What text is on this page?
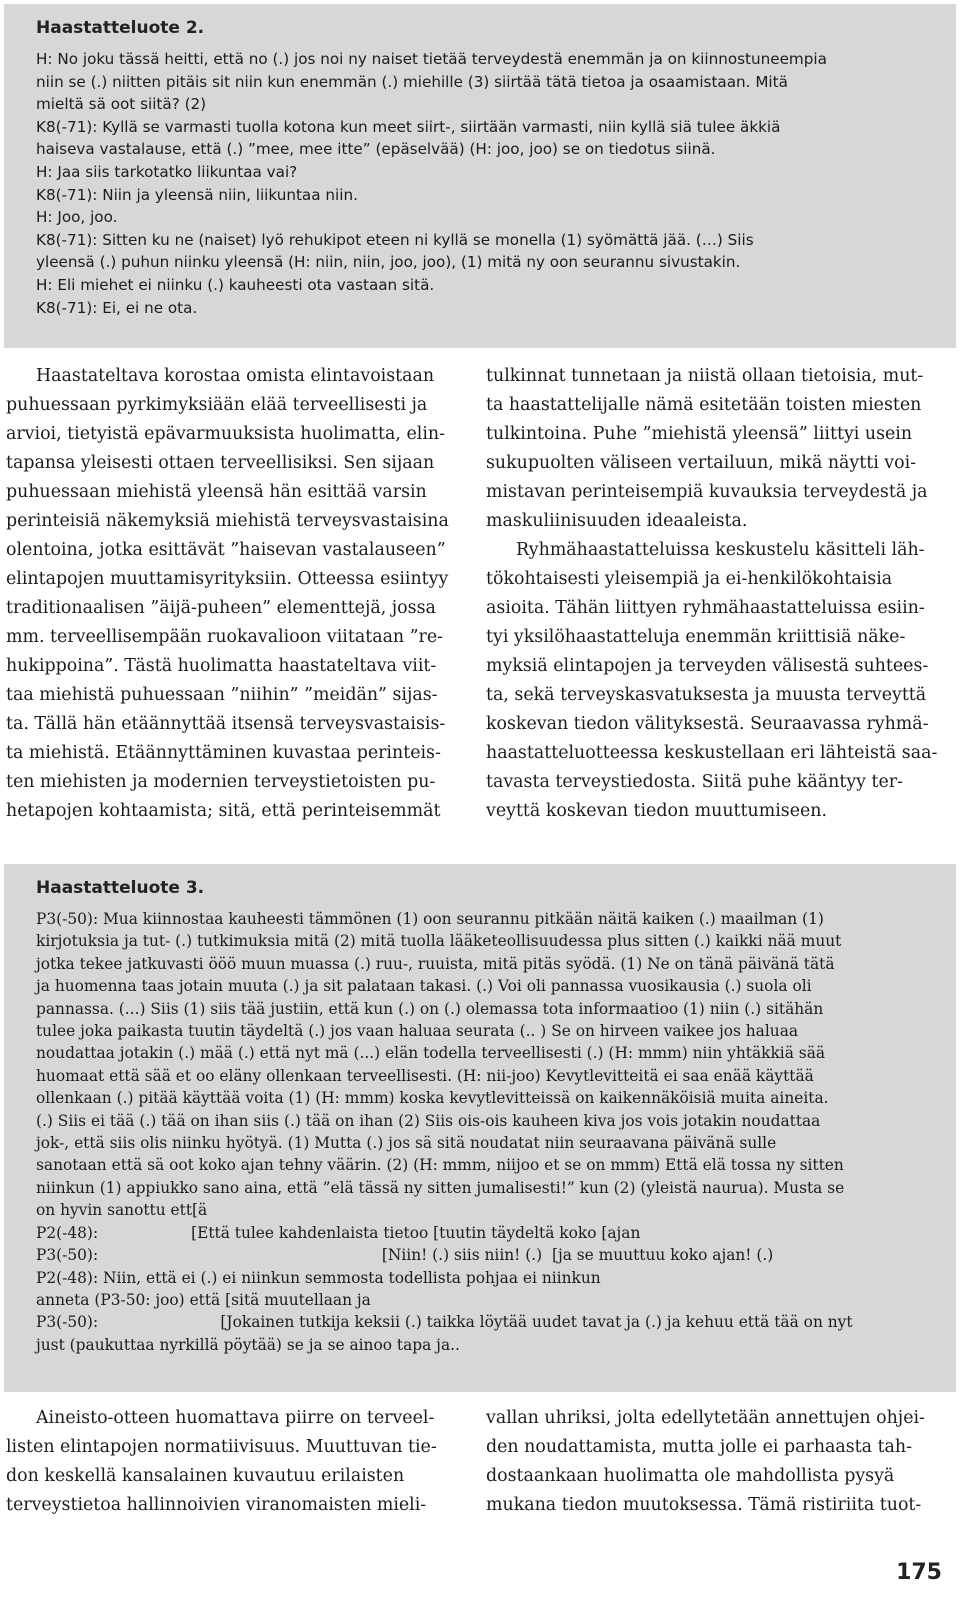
Haastatteluote 2.

H: No joku tässä heitti, että no (.) jos noi ny naiset tietää terveydestä enemmän ja on kiinnostuneempia

niin se (.) niitten pitäis sit niin kun enemmän (.) miehille (3) siirtää tätä tietoa ja osaamistaan. Mitä

mieltä sä oot siitä? (2)

K8(-71): Kyllä se varmasti tuolla kotona kun meet siirt-, siirtään varmasti, niin kyllä siä tulee äkkiä

haiseva vastalause, että (.) ”mee, mee itte” (epäselvää) (H: joo, joo) se on tiedotus siinä.

H: Jaa siis tarkotatko liikuntaa vai?

K8(-71): Niin ja yleensä niin, liikuntaa niin.

H: Joo, joo.

K8(-71): Sitten ku ne (naiset) lyö rehukipot eteen ni kyllä se monella (1) syömättä jää. (…) Siis

yleensä (.) puhun niinku yleensä (H: niin, niin, joo, joo), (1) mitä ny oon seurannu sivustakin.

H: Eli miehet ei niinku (.) kauheesti ota vastaan sitä.

K8(-71): Ei, ei ne ota.

Haastateltava korostaa omista elintavoistaan

puhuessaan pyrkimyksiään elää terveellisesti ja

arvioi, tietyistä epävarmuuksista huolimatta, elin-

tapansa yleisesti ottaen terveellisiksi. Sen sijaan

puhuessaan miehistä yleensä hän esittää varsin

perinteisiä näkemyksiä miehistä terveysvastaisina

olentoina, jotka esittävät ”haisevan vastalauseen”

elintapojen muuttamisyrityksiin. Otteessa esiintyy

traditionaalisen ”äijä-puheen” elementtejä, jossa

mm. terveellisempään ruokavalioon viitataan ”re-

hukippoina”. Tästä huolimatta haastateltava viit-

taa miehistä puhuessaan ”niihin” ”meidän” sijas-

ta. Tällä hän etäännyttää itsensä terveysvastaisis-

ta miehistä. Etäännyttäminen kuvastaa perinteis-

ten miehisten ja modernien terveystietoisten pu-

hetapojen kohtaamista; sitä, että perinteisemmät

tulkinnat tunnetaan ja niistä ollaan tietoisia, mut-

ta haastattelijalle nämä esitetään toisten miesten

tulkintoina. Puhe ”miehistä yleensä” liittyi usein

sukupuolten väliseen vertailuun, mikä näytti voi-

mistavan perinteisempiä kuvauksia terveydestä ja

maskuliinisuuden ideaaleista.

Ryhmähaastatteluissa keskustelu käsitteli läh-

tökohtaisesti yleisempiä ja ei-henkilökohtaisia

asioita. Tähän liittyen ryhmähaastatteluissa esiin-

tyi yksilöhaastatteluja enemmän kriittisiä näke-

myksiä elintapojen ja terveyden välisestä suhtees-

ta, sekä terveyskasvatuksesta ja muusta terveyttä

koskevan tiedon välityksestä. Seuraavassa ryhmä-

haastatteluotteessa keskustellaan eri lähteistä saa-

tavasta terveystiedosta. Siitä puhe kääntyy ter-

veyttä koskevan tiedon muuttumiseen.

Haastatteluote 3.

P3(-50): Mua kiinnostaa kauheesti tämmönen (1) oon seurannu pitkään näitä kaiken (.) maailman (1)

kirjotuksia ja tut- (.) tutkimuksia mitä (2) mitä tuolla lääketeollisuudessa plus sitten (.) kaikki nää muut

jotka tekee jatkuvasti ööö muun muassa (.) ruu-, ruuista, mitä pitäs syödä. (1) Ne on tänä päivänä tätä

ja huomenna taas jotain muuta (.) ja sit palataan takasi. (.) Voi oli pannassa vuosikausia (.) suola oli

pannassa. (...) Siis (1) siis tää justiin, että kun (.) on (.) olemassa tota informaatioo (1) niin (.) sitähän

tulee joka paikasta tuutin täydeltä (.) jos vaan haluaa seurata (.. ) Se on hirveen vaikee jos haluaa

noudattaa jotakin (.) mää (.) että nyt mä (...) elän todella terveellisesti (.) (H: mmm) niin yhtäkkiä sää

huomaat että sää et oo eläny ollenkaan terveellisesti. (H: nii-joo) Kevytlevitteitä ei saa enää käyttää

ollenkaan (.) pitää käyttää voita (1) (H: mmm) koska kevytlevitteissä on kaikennäköisiä muita aineita.

(.) Siis ei tää (.) tää on ihan siis (.) tää on ihan (2) Siis ois-ois kauheen kiva jos vois jotakin noudattaa

jok-, että siis olis niinku hyötyä. (1) Mutta (.) jos sä sitä noudatat niin seuraavana päivänä sulle

sanotaan että sä oot koko ajan tehny väärin. (2) (H: mmm, niijoo et se on mmm) Että elä tossa ny sitten

niinkun (1) appiukko sano aina, että ”elä tässä ny sitten jumalisesti!” kun (2) (yleistä naurua). Musta se

on hyvin sanottu ett[ä

P2(-48):                   [Että tulee kahdenlaista tietoo [tuutin täydeltä koko [ajan

P3(-50):                                                          [Niin! (.) siis niin! (.)  [ja se muuttuu koko ajan! (.)

P2(-48): Niin, että ei (.) ei niinkun semmosta todellista pohjaa ei niinkun

anneta (P3-50: joo) että [sitä muutellaan ja

P3(-50):                         [Jokainen tutkija keksii (.) taikka löytää uudet tavat ja (.) ja kehuu että tää on nyt

just (paukuttaa nyrkillä pöytää) se ja se ainoo tapa ja..

Aineisto-otteen huomattava piirre on terveel-

listen elintapojen normatiivisuus. Muuttuvan tie-

don keskellä kansalainen kuvautuu erilaisten

terveystietoa hallinnoivien viranomaisten mieli-

vallan uhriksi, jolta edellytetään annettujen ohjei-

den noudattamista, mutta jolle ei parhaasta tah-

dostaankaan huolimatta ole mahdollista pysyä

mukana tiedon muutoksessa. Tämä ristiriita tuot-

175
